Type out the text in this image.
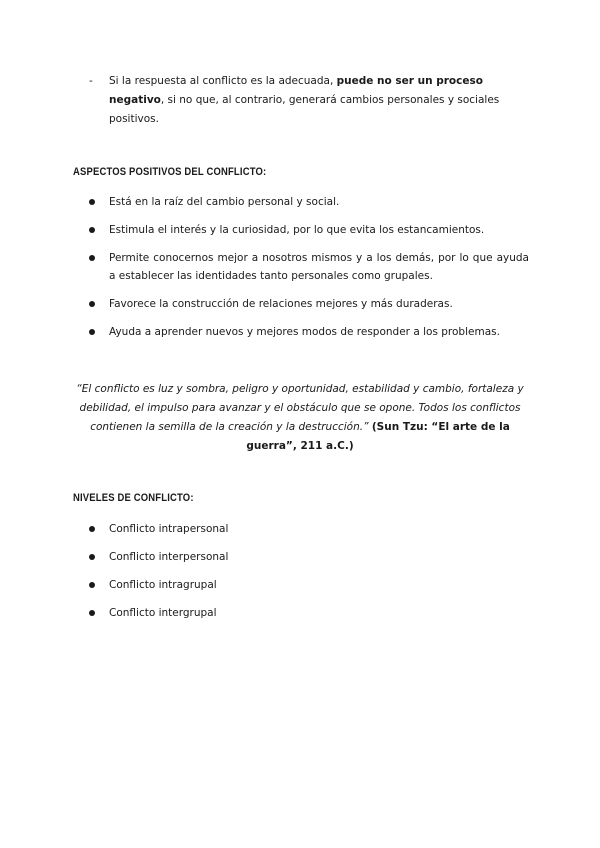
- Si la respuesta al conflicto es la adecuada, puede no ser un proceso negativo, si no que, al contrario, generará cambios personales y sociales positivos.
ASPECTOS POSITIVOS DEL CONFLICTO:
Está en la raíz del cambio personal y social.
Estimula el interés y la curiosidad, por lo que evita los estancamientos.
Permite conocernos mejor a nosotros mismos y a los demás, por lo que ayuda a establecer las identidades tanto personales como grupales.
Favorece la construcción de relaciones mejores y más duraderas.
Ayuda a aprender nuevos y mejores modos de responder a los problemas.
“El conflicto es luz y sombra, peligro y oportunidad, estabilidad y cambio, fortaleza y debilidad, el impulso para avanzar y el obstáculo que se opone. Todos los conflictos contienen la semilla de la creación y la destrucción.” (Sun Tzu: “El arte de la guerra”, 211 a.C.)
NIVELES DE CONFLICTO:
Conflicto intrapersonal
Conflicto interpersonal
Conflicto intragrupal
Conflicto intergrupal
